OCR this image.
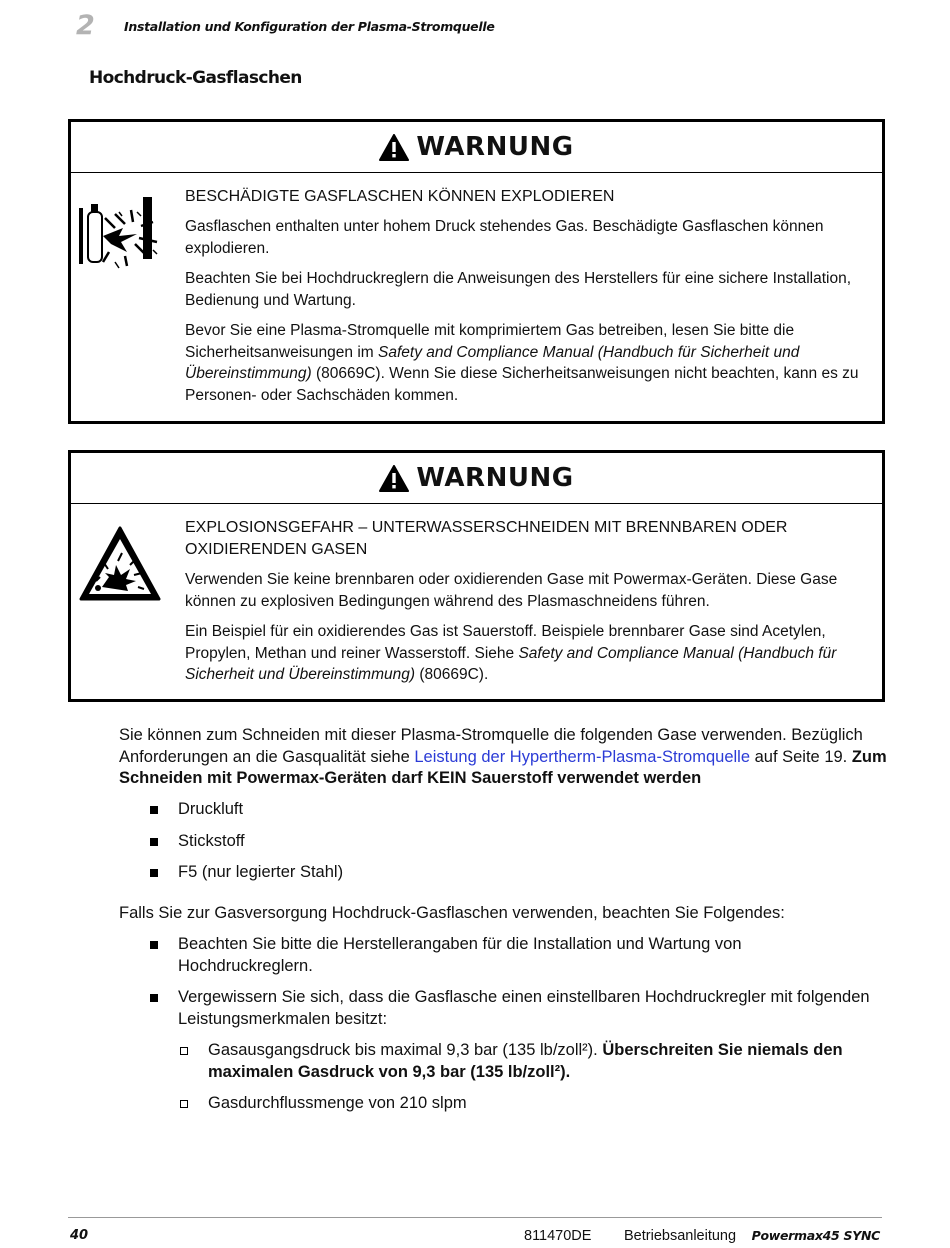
2 Installation und Konfiguration der Plasma-Stromquelle
Hochdruck-Gasflaschen
WARNUNG

BESCHÄDIGTE GASFLASCHEN KÖNNEN EXPLODIEREN

Gasflaschen enthalten unter hohem Druck stehendes Gas. Beschädigte Gasflaschen können explodieren.

Beachten Sie bei Hochdruckreglern die Anweisungen des Herstellers für eine sichere Installation, Bedienung und Wartung.

Bevor Sie eine Plasma-Stromquelle mit komprimiertem Gas betreiben, lesen Sie bitte die Sicherheitsanweisungen im Safety and Compliance Manual (Handbuch für Sicherheit und Übereinstimmung) (80669C). Wenn Sie diese Sicherheitsanweisungen nicht beachten, kann es zu Personen- oder Sachschäden kommen.

WARNUNG

EXPLOSIONSGEFAHR – UNTERWASSERSCHNEIDEN MIT BRENNBAREN ODER OXIDIERENDEN GASEN

Verwenden Sie keine brennbaren oder oxidierenden Gase mit Powermax-Geräten. Diese Gase können zu explosiven Bedingungen während des Plasmaschneidens führen.

Ein Beispiel für ein oxidierendes Gas ist Sauerstoff. Beispiele brennbarer Gase sind Acetylen, Propylen, Methan und reiner Wasserstoff. Siehe Safety and Compliance Manual (Handbuch für Sicherheit und Übereinstimmung) (80669C).

Sie können zum Schneiden mit dieser Plasma-Stromquelle die folgenden Gase verwenden. Bezüglich Anforderungen an die Gasqualität siehe Leistung der Hypertherm-Plasma-Stromquelle auf Seite 19. Zum Schneiden mit Powermax-Geräten darf KEIN Sauerstoff verwendet werden

Druckluft
Stickstoff
F5 (nur legierter Stahl)

Falls Sie zur Gasversorgung Hochdruck-Gasflaschen verwenden, beachten Sie Folgendes:

Beachten Sie bitte die Herstellerangaben für die Installation und Wartung von Hochdruckreglern.
Vergewissern Sie sich, dass die Gasflasche einen einstellbaren Hochdruckregler mit folgenden Leistungsmerkmalen besitzt:
Gasausgangsdruck bis maximal 9,3 bar (135 lb/zoll²). Überschreiten Sie niemals den maximalen Gasdruck von 9,3 bar (135 lb/zoll²).
Gasdurchflussmenge von 210 slpm
40	811470DE Betriebsanleitung Powermax45 SYNC
